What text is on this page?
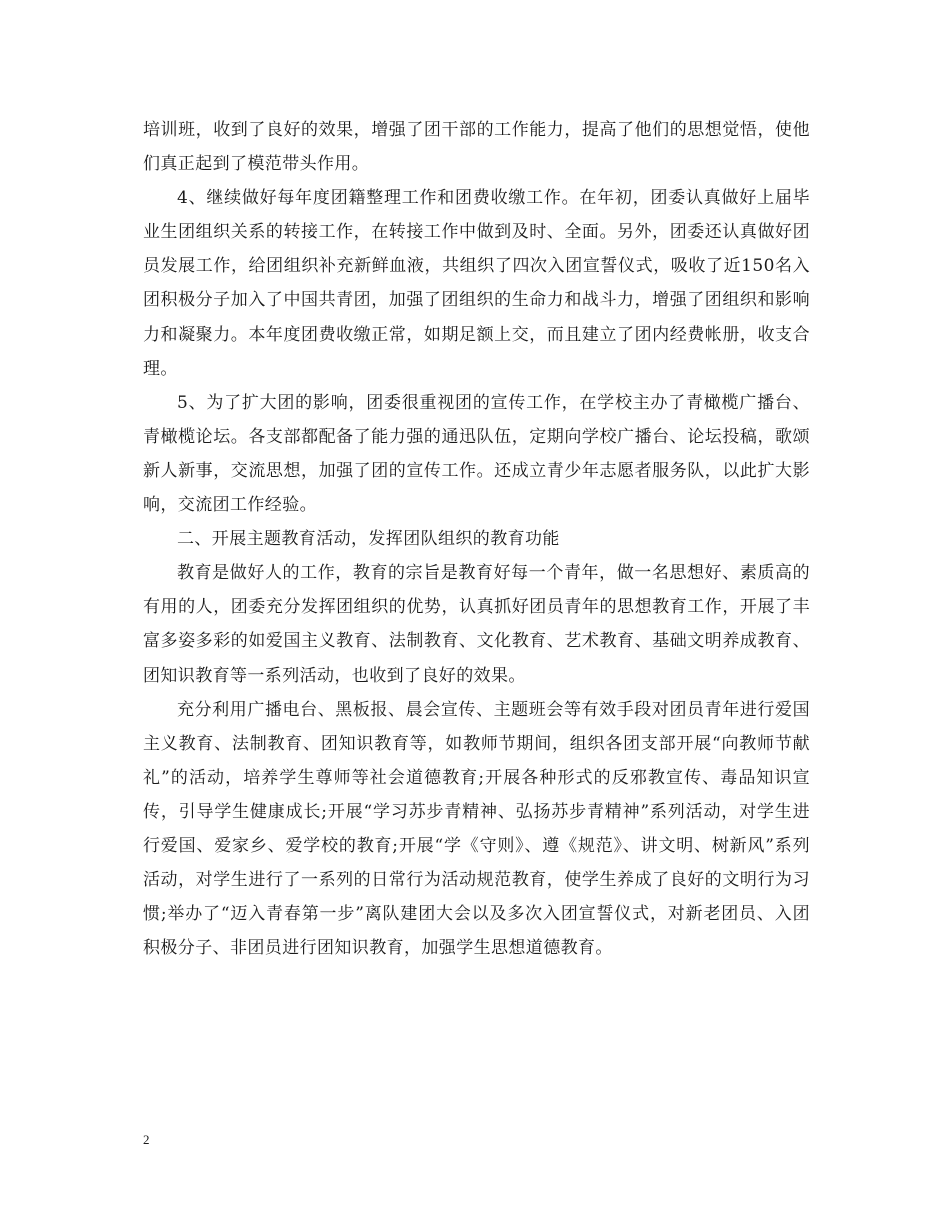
培训班，收到了良好的效果，增强了团干部的工作能力，提高了他们的思想觉悟，使他们真正起到了模范带头作用。

4、继续做好每年度团籍整理工作和团费收缴工作。在年初，团委认真做好上届毕业生团组织关系的转接工作，在转接工作中做到及时、全面。另外，团委还认真做好团员发展工作，给团组织补充新鲜血液，共组织了四次入团宣誓仪式，吸收了近150名入团积极分子加入了中国共青团，加强了团组织的生命力和战斗力，增强了团组织和影响力和凝聚力。本年度团费收缴正常，如期足额上交，而且建立了团内经费帐册，收支合理。

5、为了扩大团的影响，团委很重视团的宣传工作，在学校主办了青橄榄广播台、青橄榄论坛。各支部都配备了能力强的通迅队伍，定期向学校广播台、论坛投稿，歌颂新人新事，交流思想，加强了团的宣传工作。还成立青少年志愿者服务队，以此扩大影响，交流团工作经验。

二、开展主题教育活动，发挥团队组织的教育功能

教育是做好人的工作，教育的宗旨是教育好每一个青年，做一名思想好、素质高的有用的人，团委充分发挥团组织的优势，认真抓好团员青年的思想教育工作，开展了丰富多姿多彩的如爱国主义教育、法制教育、文化教育、艺术教育、基础文明养成教育、团知识教育等一系列活动，也收到了良好的效果。

充分利用广播电台、黑板报、晨会宣传、主题班会等有效手段对团员青年进行爱国主义教育、法制教育、团知识教育等，如教师节期间，组织各团支部开展“向教师节献礼”的活动，培养学生尊师等社会道德教育;开展各种形式的反邪教宣传、毒品知识宣传，引导学生健康成长;开展“学习苏步青精神、弘扬苏步青精神”系列活动，对学生进行爱国、爱家乡、爱学校的教育;开展“学《守则》、遵《规范》、讲文明、树新风”系列活动，对学生进行了一系列的日常行为活动规范教育，使学生养成了良好的文明行为习惯;举办了“迈入青春第一步”离队建团大会以及多次入团宣誓仪式，对新老团员、入团积极分子、非团员进行团知识教育，加强学生思想道德教育。

2
